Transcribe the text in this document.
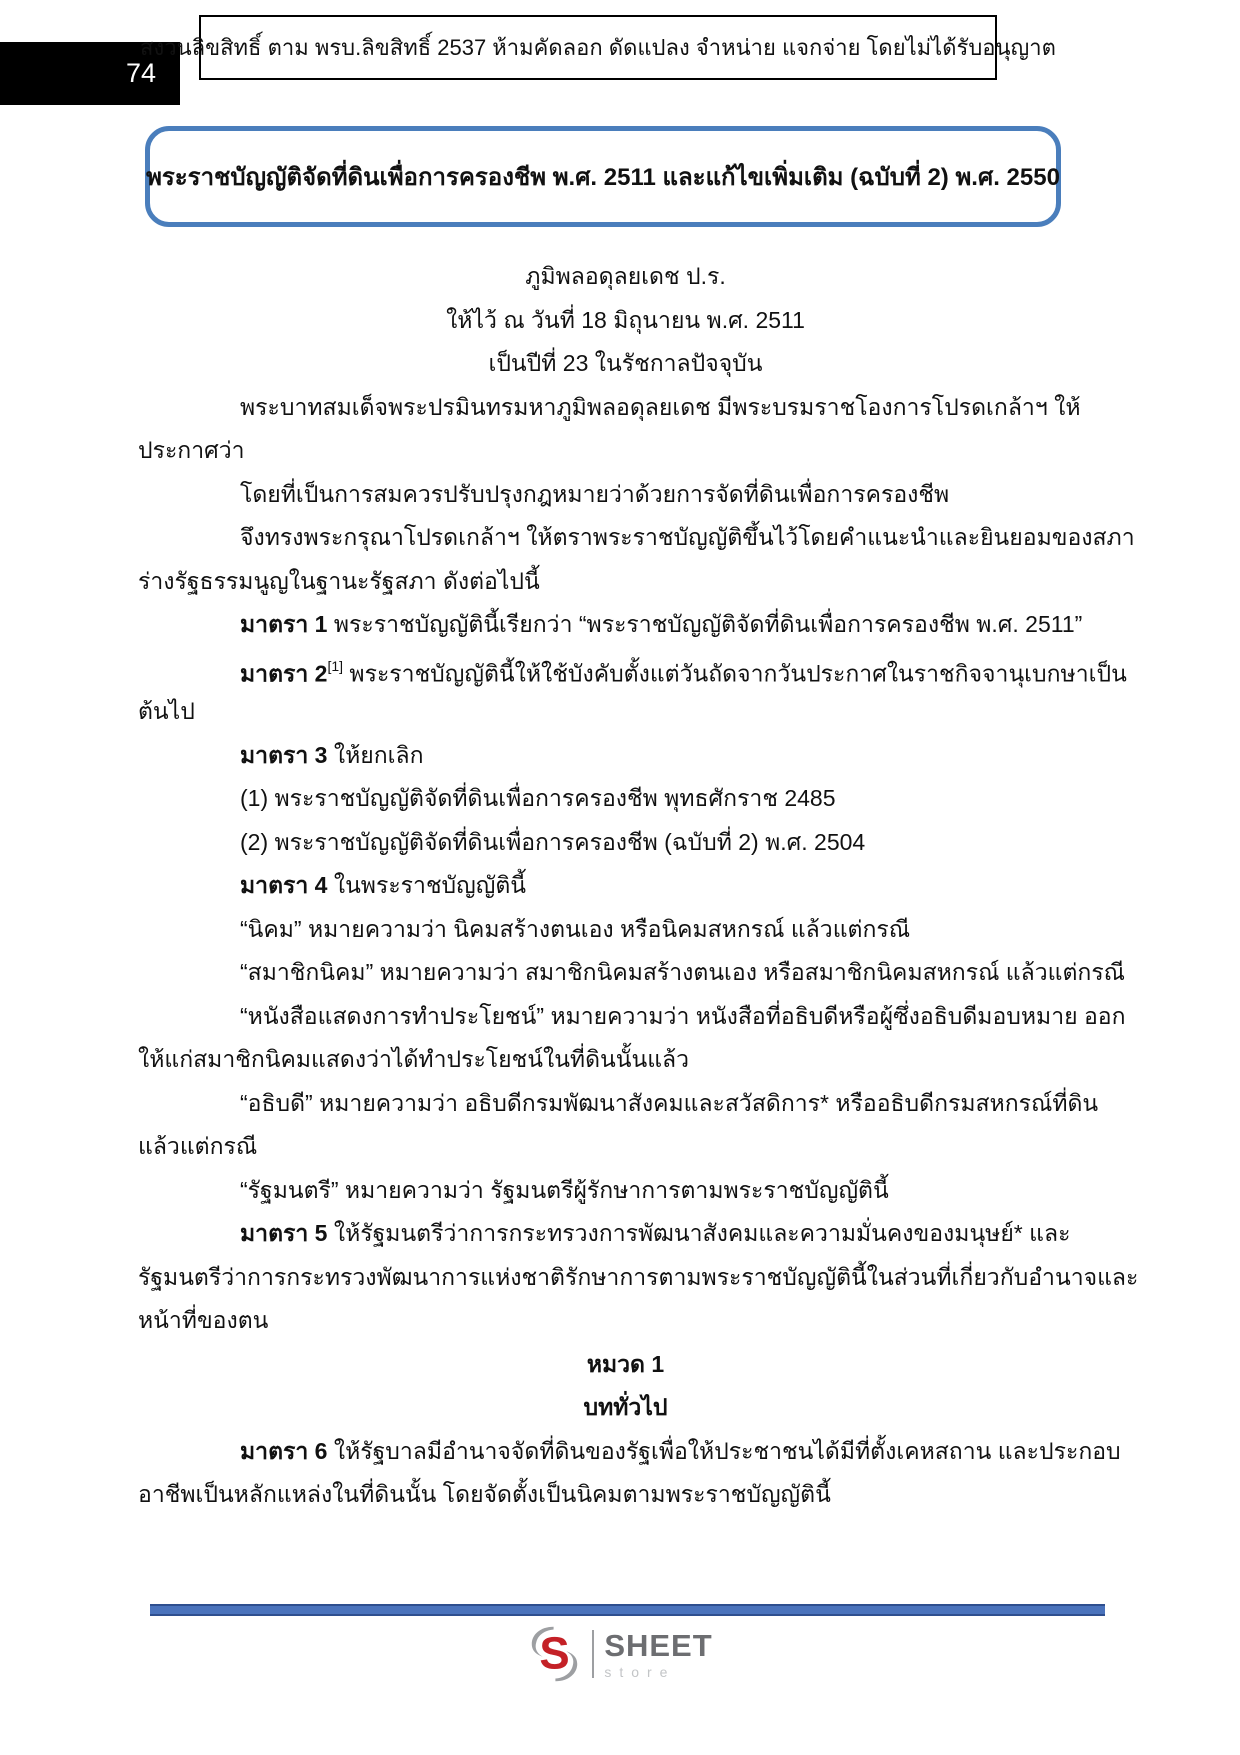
74
สงวนลิขสิทธิ์ ตาม พรบ.ลิขสิทธิ์ 2537 ห้ามคัดลอก ดัดแปลง จำหน่าย แจกจ่าย โดยไม่ได้รับอนุญาต
พระราชบัญญัติจัดที่ดินเพื่อการครองชีพ พ.ศ. 2511 และแก้ไขเพิ่มเติม (ฉบับที่ 2) พ.ศ. 2550
ภูมิพลอดุลยเดช ป.ร.
ให้ไว้ ณ วันที่ 18 มิถุนายน พ.ศ. 2511
เป็นปีที่ 23 ในรัชกาลปัจจุบัน
พระบาทสมเด็จพระปรมินทรมหาภูมิพลอดุลยเดช มีพระบรมราชโองการโปรดเกล้าฯ ให้
ประกาศว่า
โดยที่เป็นการสมควรปรับปรุงกฎหมายว่าด้วยการจัดที่ดินเพื่อการครองชีพ
จึงทรงพระกรุณาโปรดเกล้าฯ ให้ตราพระราชบัญญัติขึ้นไว้โดยคำแนะนำและยินยอมของสภา
ร่างรัฐธรรมนูญในฐานะรัฐสภา ดังต่อไปนี้
มาตรา 1 พระราชบัญญัตินี้เรียกว่า “พระราชบัญญัติจัดที่ดินเพื่อการครองชีพ พ.ศ. 2511”
มาตรา 2[1] พระราชบัญญัตินี้ให้ใช้บังคับตั้งแต่วันถัดจากวันประกาศในราชกิจจานุเบกษาเป็น
ต้นไป
มาตรา 3 ให้ยกเลิก
(1) พระราชบัญญัติจัดที่ดินเพื่อการครองชีพ พุทธศักราช 2485
(2) พระราชบัญญัติจัดที่ดินเพื่อการครองชีพ (ฉบับที่ 2) พ.ศ. 2504
มาตรา 4 ในพระราชบัญญัตินี้
“นิคม” หมายความว่า นิคมสร้างตนเอง หรือนิคมสหกรณ์ แล้วแต่กรณี
“สมาชิกนิคม” หมายความว่า สมาชิกนิคมสร้างตนเอง หรือสมาชิกนิคมสหกรณ์ แล้วแต่กรณี
“หนังสือแสดงการทำประโยชน์” หมายความว่า หนังสือที่อธิบดีหรือผู้ซึ่งอธิบดีมอบหมาย ออก
ให้แก่สมาชิกนิคมแสดงว่าได้ทำประโยชน์ในที่ดินนั้นแล้ว
“อธิบดี” หมายความว่า อธิบดีกรมพัฒนาสังคมและสวัสดิการ* หรืออธิบดีกรมสหกรณ์ที่ดิน
แล้วแต่กรณี
“รัฐมนตรี” หมายความว่า รัฐมนตรีผู้รักษาการตามพระราชบัญญัตินี้
มาตรา 5 ให้รัฐมนตรีว่าการกระทรวงการพัฒนาสังคมและความมั่นคงของมนุษย์* และ
รัฐมนตรีว่าการกระทรวงพัฒนาการแห่งชาติรักษาการตามพระราชบัญญัตินี้ในส่วนที่เกี่ยวกับอำนาจและ
หน้าที่ของตน
หมวด 1
บททั่วไป
มาตรา 6 ให้รัฐบาลมีอำนาจจัดที่ดินของรัฐเพื่อให้ประชาชนได้มีที่ตั้งเคหสถาน และประกอบ
อาชีพเป็นหลักแหล่งในที่ดินนั้น โดยจัดตั้งเป็นนิคมตามพระราชบัญญัตินี้
S SHEET
store
